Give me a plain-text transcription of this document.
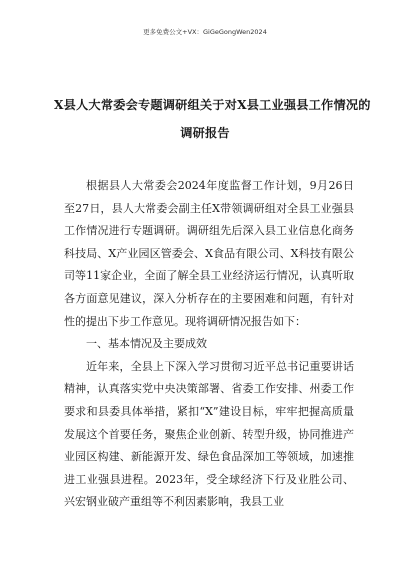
更多免费公文+VX：GiGeGongWen2024
X县人大常委会专题调研组关于对X县工业强县工作情况的
调研报告

根据县人大常委会2024年度监督工作计划，9月26日至27日，县人大常委会副主任X带领调研组对全县工业强县工作情况进行专题调研。调研组先后深入县工业信息化商务科技局、X产业园区管委会、X食品有限公司、X科技有限公司等11家企业，全面了解全县工业经济运行情况，认真听取各方面意见建议，深入分析存在的主要困难和问题，有针对性的提出下步工作意见。现将调研情况报告如下：

一、基本情况及主要成效

近年来，全县上下深入学习贯彻习近平总书记重要讲话精神，认真落实党中央决策部署、省委工作安排、州委工作要求和县委具体举措，紧扣“X”建设目标，牢牢把握高质量发展这个首要任务，聚焦企业创新、转型升级，协同推进产业园区构建、新能源开发、绿色食品深加工等领域，加速推进工业强县进程。2023年，受全球经济下行及业胜公司、兴宏钢业破产重组等不利因素影响，我县工业
